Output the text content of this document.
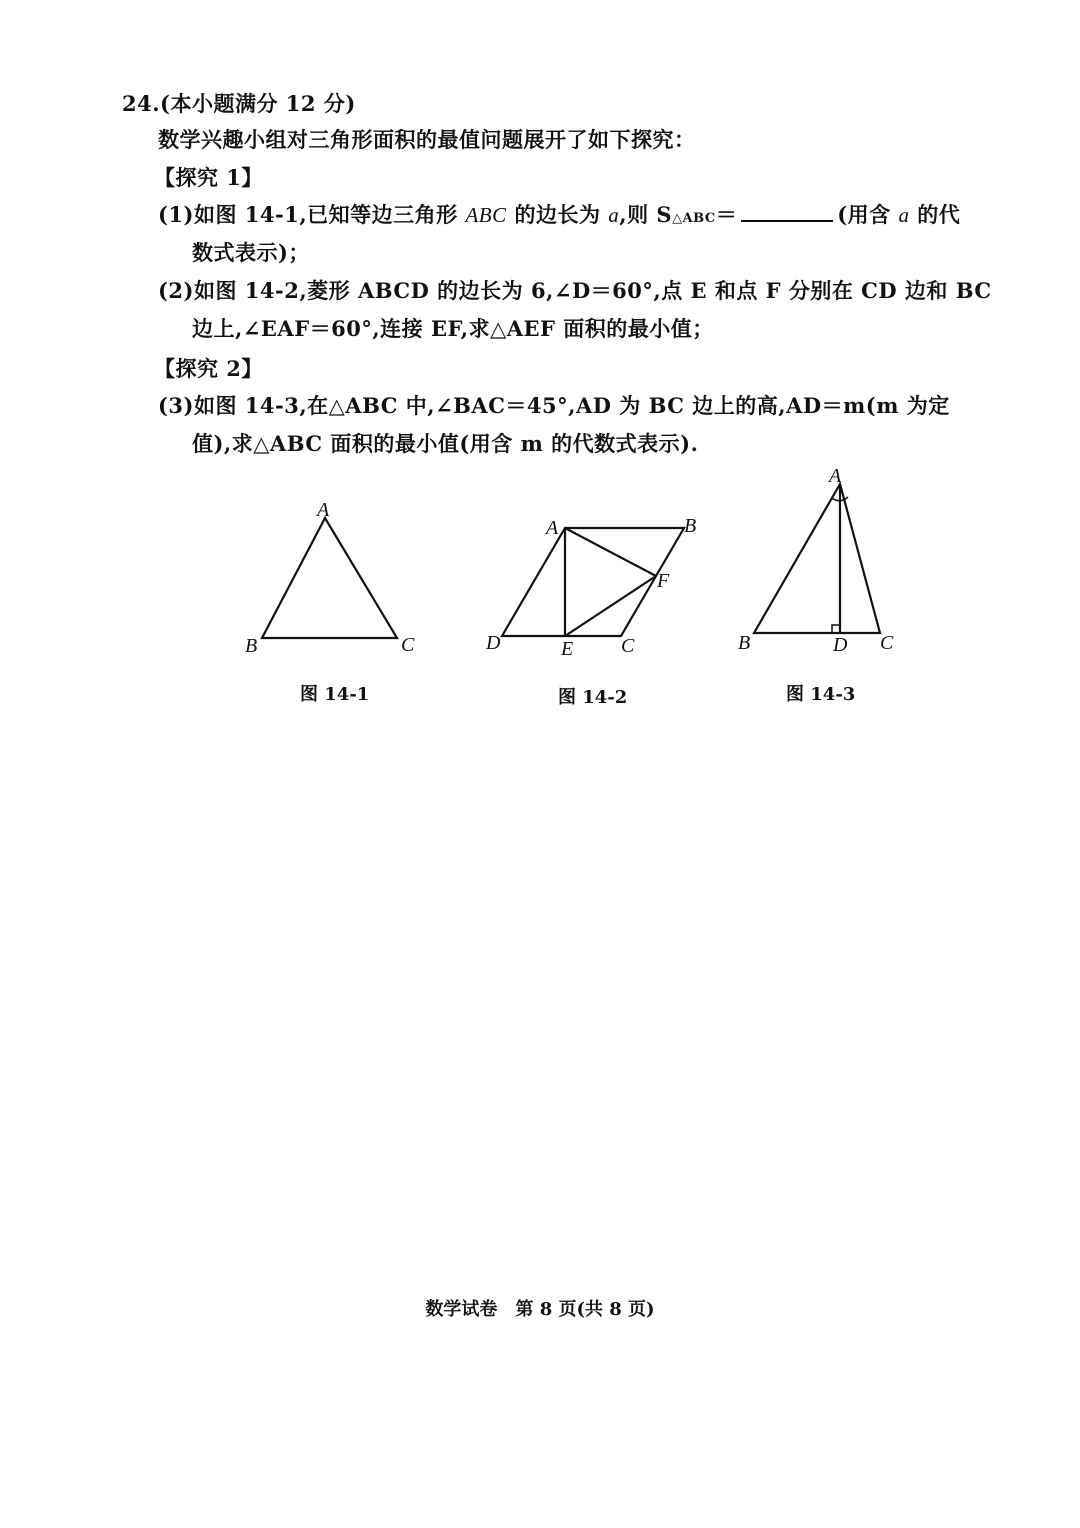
24.(本小题满分 12 分)
数学兴趣小组对三角形面积的最值问题展开了如下探究：
【探究 1】
(1)如图 14-1,已知等边三角形 ABC 的边长为 a,则 S△ABC＝	(用含 a 的代
数式表示)；
(2)如图 14-2,菱形 ABCD 的边长为 6,∠D＝60°,点 E 和点 F 分别在 CD 边和 BC
边上,∠EAF＝60°,连接 EF,求△AEF 面积的最小值；
【探究 2】
(3)如图 14-3,在△ABC 中,∠BAC＝45°,AD 为 BC 边上的高,AD＝m(m 为定
值),求△ABC 面积的最小值(用含 m 的代数式表示).
A
B	C
A	B
D	E C
F
A
B	D C
图 14-1	图 14-2	图 14-3
数学试卷　第 8 页(共 8 页)
